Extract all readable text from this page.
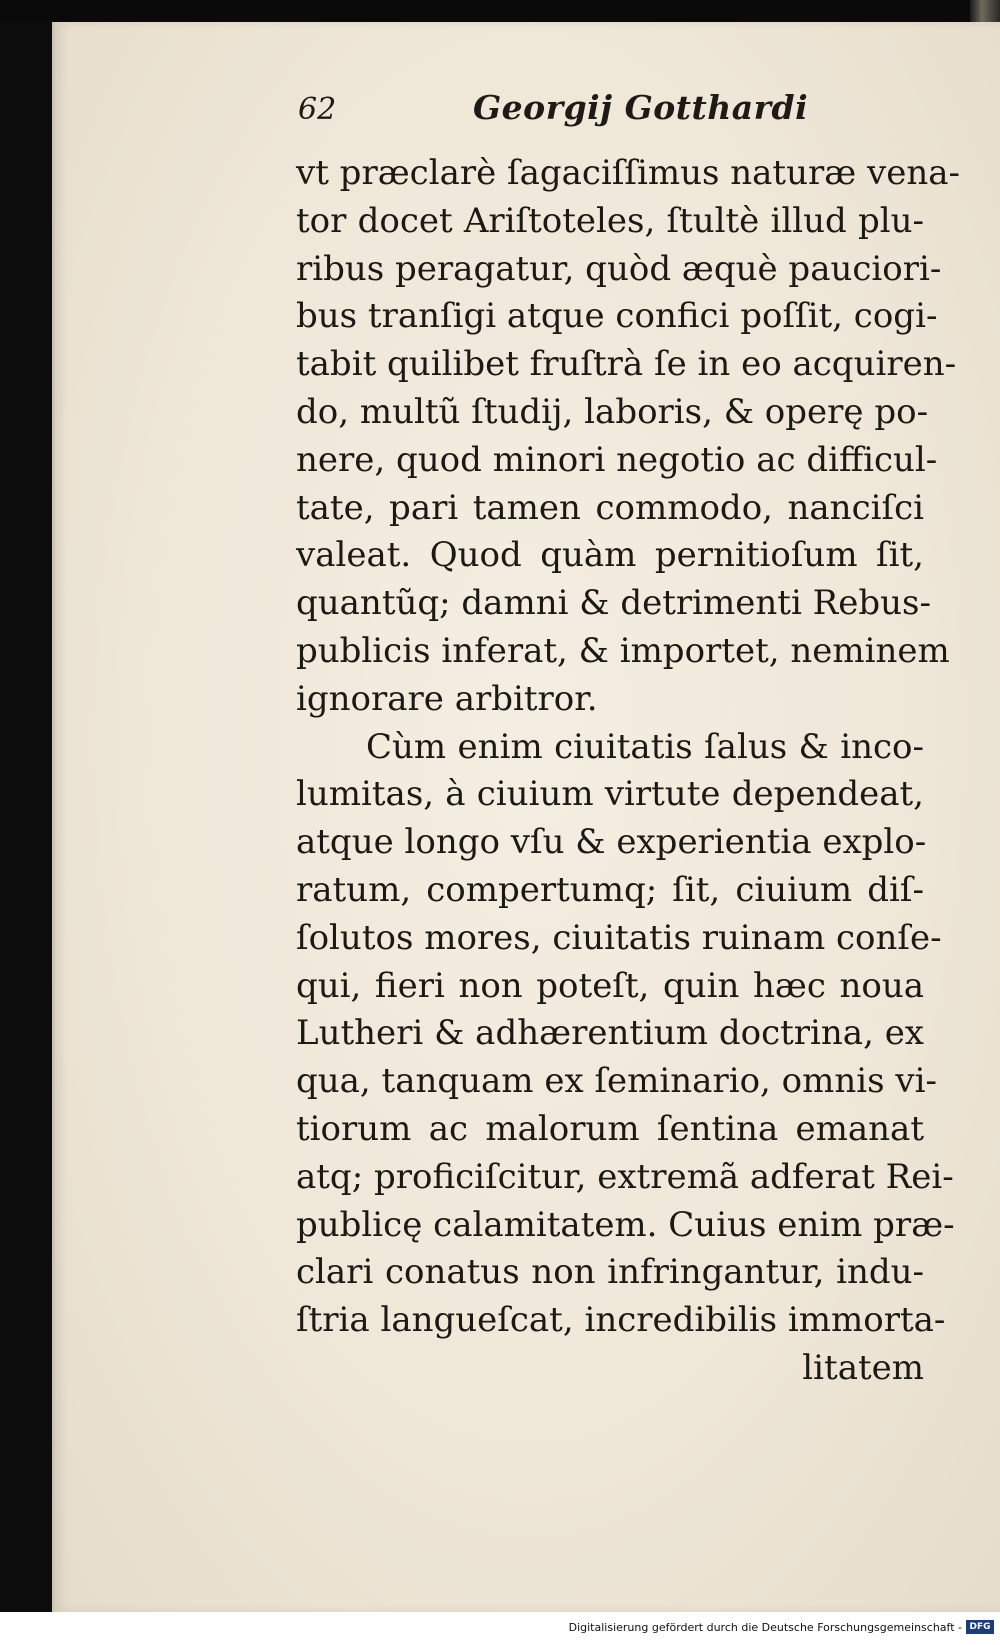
62	Georgij Gotthardi
vt præclarè ſagaciſſimus naturæ vena-
tor docet Ariſtoteles, ſtultè illud plu-
ribus peragatur, quòd æquè pauciori-
bus tranſigi atque confici poſſit, cogi-
tabit quilibet fruſtrà ſe in eo acquiren-
do, multũ ſtudij, laboris, & operę po-
nere, quod minori negotio ac difficul-
tate, pari tamen commodo, nanciſci
valeat. Quod quàm pernitioſum ſit,
quantũq; damni & detrimenti Rebus-
publicis inferat, & importet, neminem
ignorare arbitror.
Cùm enim ciuitatis ſalus & inco-
lumitas, à ciuium virtute dependeat,
atque longo vſu & experientia explo-
ratum, compertumq; ſit, ciuium diſ-
ſolutos mores, ciuitatis ruinam conſe-
qui, fieri non poteſt, quin hæc noua
Lutheri & adhærentium doctrina, ex
qua, tanquam ex ſeminario, omnis vi-
tiorum ac malorum ſentina emanat
atq; proficiſcitur, extremã adferat Rei-
publicę calamitatem. Cuius enim præ-
clari conatus non infringantur, indu-
ſtria langueſcat, incredibilis immorta-
litatem
Digitalisierung gefördert durch die Deutsche Forschungsgemeinschaft - DFG
